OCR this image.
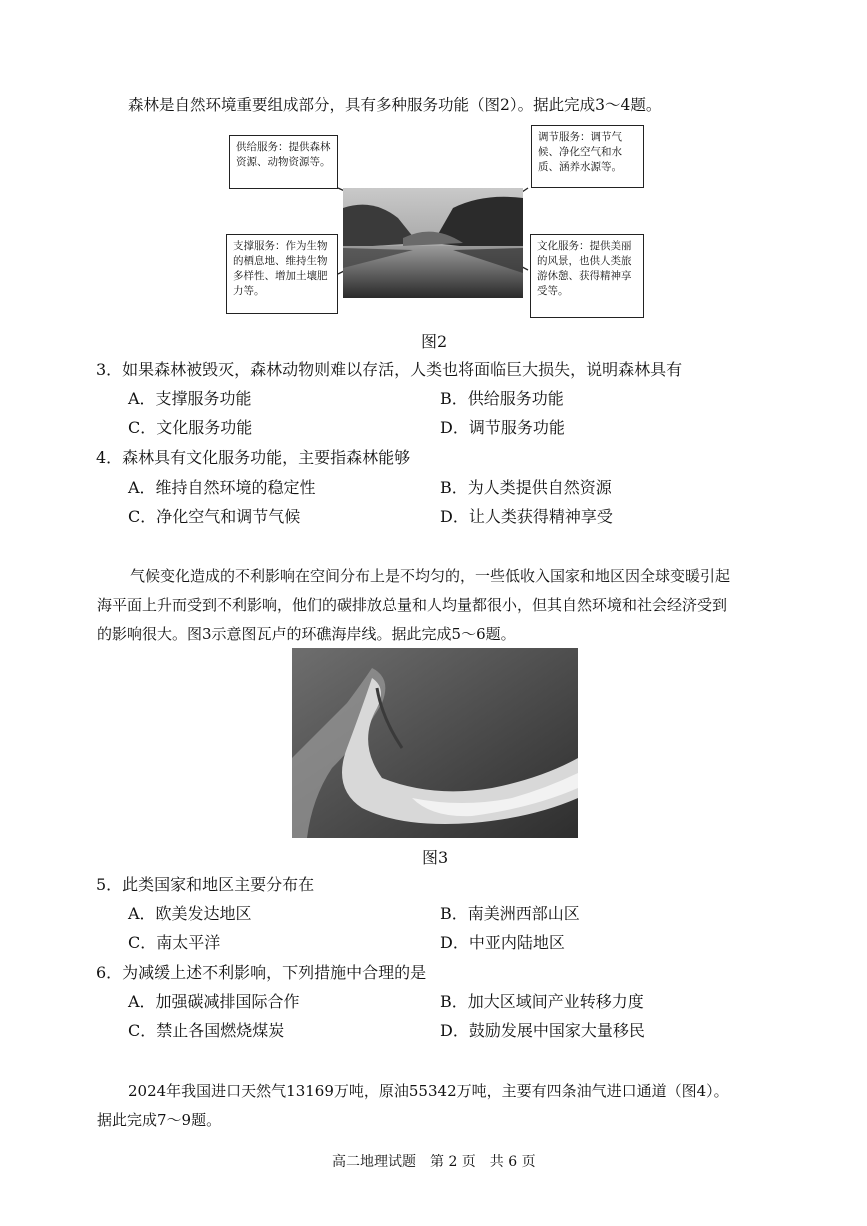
森林是自然环境重要组成部分，具有多种服务功能（图2）。据此完成3～4题。
供给服务：提供森林资源、动物资源等。
调节服务：调节气候、净化空气和水质、涵养水源等。
支撑服务：作为生物的栖息地、维持生物多样性、增加土壤肥力等。
文化服务：提供美丽的风景，也供人类旅游休憩、获得精神享受等。
图2
3．如果森林被毁灭，森林动物则难以存活，人类也将面临巨大损失，说明森林具有
A．支撑服务功能	B．供给服务功能
C．文化服务功能	D．调节服务功能
4．森林具有文化服务功能，主要指森林能够
A．维持自然环境的稳定性	B．为人类提供自然资源
C．净化空气和调节气候	D．让人类获得精神享受
气候变化造成的不利影响在空间分布上是不均匀的，一些低收入国家和地区因全球变暖引起
海平面上升而受到不利影响，他们的碳排放总量和人均量都很小，但其自然环境和社会经济受到
的影响很大。图3示意图瓦卢的环礁海岸线。据此完成5～6题。
图3
5．此类国家和地区主要分布在
A．欧美发达地区	B．南美洲西部山区
C．南太平洋	D．中亚内陆地区
6．为减缓上述不利影响，下列措施中合理的是
A．加强碳减排国际合作	B．加大区域间产业转移力度
C．禁止各国燃烧煤炭	D．鼓励发展中国家大量移民
2024年我国进口天然气13169万吨，原油55342万吨，主要有四条油气进口通道（图4）。
据此完成7～9题。
高二地理试题　第 2 页　共 6 页
